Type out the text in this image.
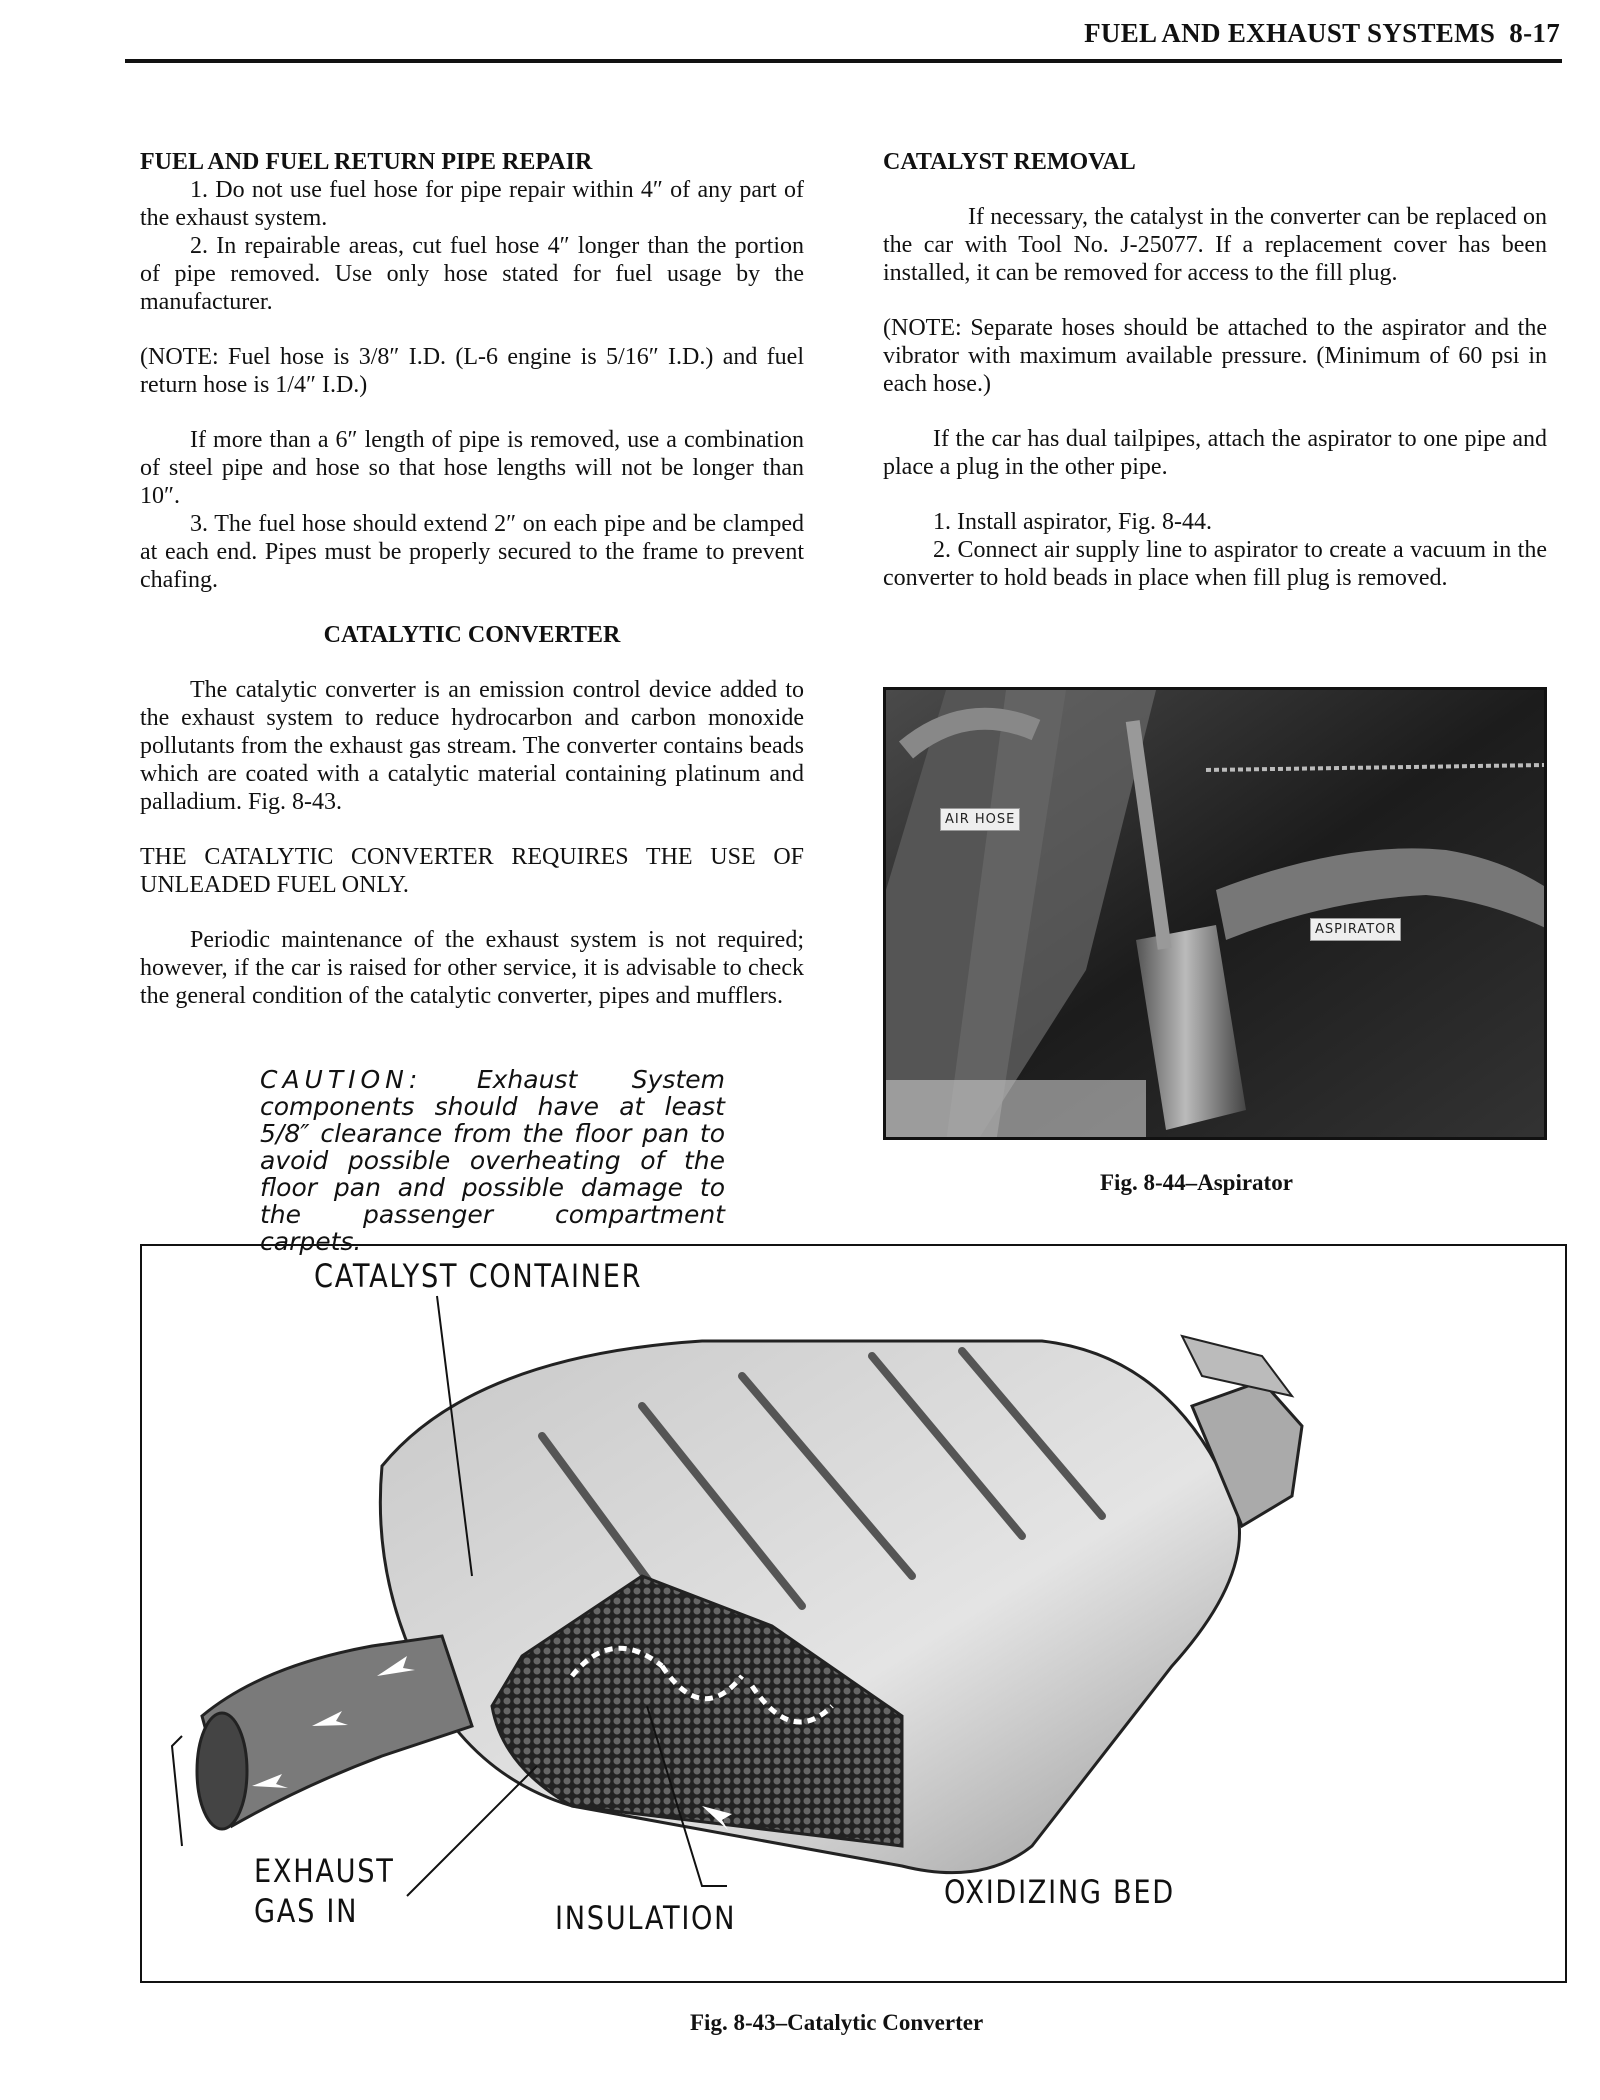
FUEL AND EXHAUST SYSTEMS 8-17
FUEL AND FUEL RETURN PIPE REPAIR

1. Do not use fuel hose for pipe repair within 4″ of any part of the exhaust system.

2. In repairable areas, cut fuel hose 4″ longer than the portion of pipe removed. Use only hose stated for fuel usage by the manufacturer.

(NOTE: Fuel hose is 3/8″ I.D. (L-6 engine is 5/16″ I.D.) and fuel return hose is 1/4″ I.D.)

If more than a 6″ length of pipe is removed, use a combination of steel pipe and hose so that hose lengths will not be longer than 10″.

3. The fuel hose should extend 2″ on each pipe and be clamped at each end. Pipes must be properly secured to the frame to prevent chafing.

CATALYTIC CONVERTER

The catalytic converter is an emission control device added to the exhaust system to reduce hydrocarbon and carbon monoxide pollutants from the exhaust gas stream. The converter contains beads which are coated with a catalytic material containing platinum and palladium. Fig. 8-43.

THE CATALYTIC CONVERTER REQUIRES THE USE OF UNLEADED FUEL ONLY.

Periodic maintenance of the exhaust system is not required; however, if the car is raised for other service, it is advisable to check the general condition of the catalytic converter, pipes and mufflers.

CAUTION: Exhaust System components should have at least 5/8″ clearance from the floor pan to avoid possible overheating of the floor pan and possible damage to the passenger compartment carpets.
CATALYST REMOVAL

If necessary, the catalyst in the converter can be replaced on the car with Tool No. J-25077. If a replacement cover has been installed, it can be removed for access to the fill plug.

(NOTE: Separate hoses should be attached to the aspirator and the vibrator with maximum available pressure. (Minimum of 60 psi in each hose.)

If the car has dual tailpipes, attach the aspirator to one pipe and place a plug in the other pipe.

1. Install aspirator, Fig. 8-44.

2. Connect air supply line to aspirator to create a vacuum in the converter to hold beads in place when fill plug is removed.

AIR HOSE
ASPIRATOR
Fig. 8-44–Aspirator
CATALYST CONTAINER
EXHAUST
GAS IN	INSULATION
OXIDIZING BED
Fig. 8-43–Catalytic Converter
